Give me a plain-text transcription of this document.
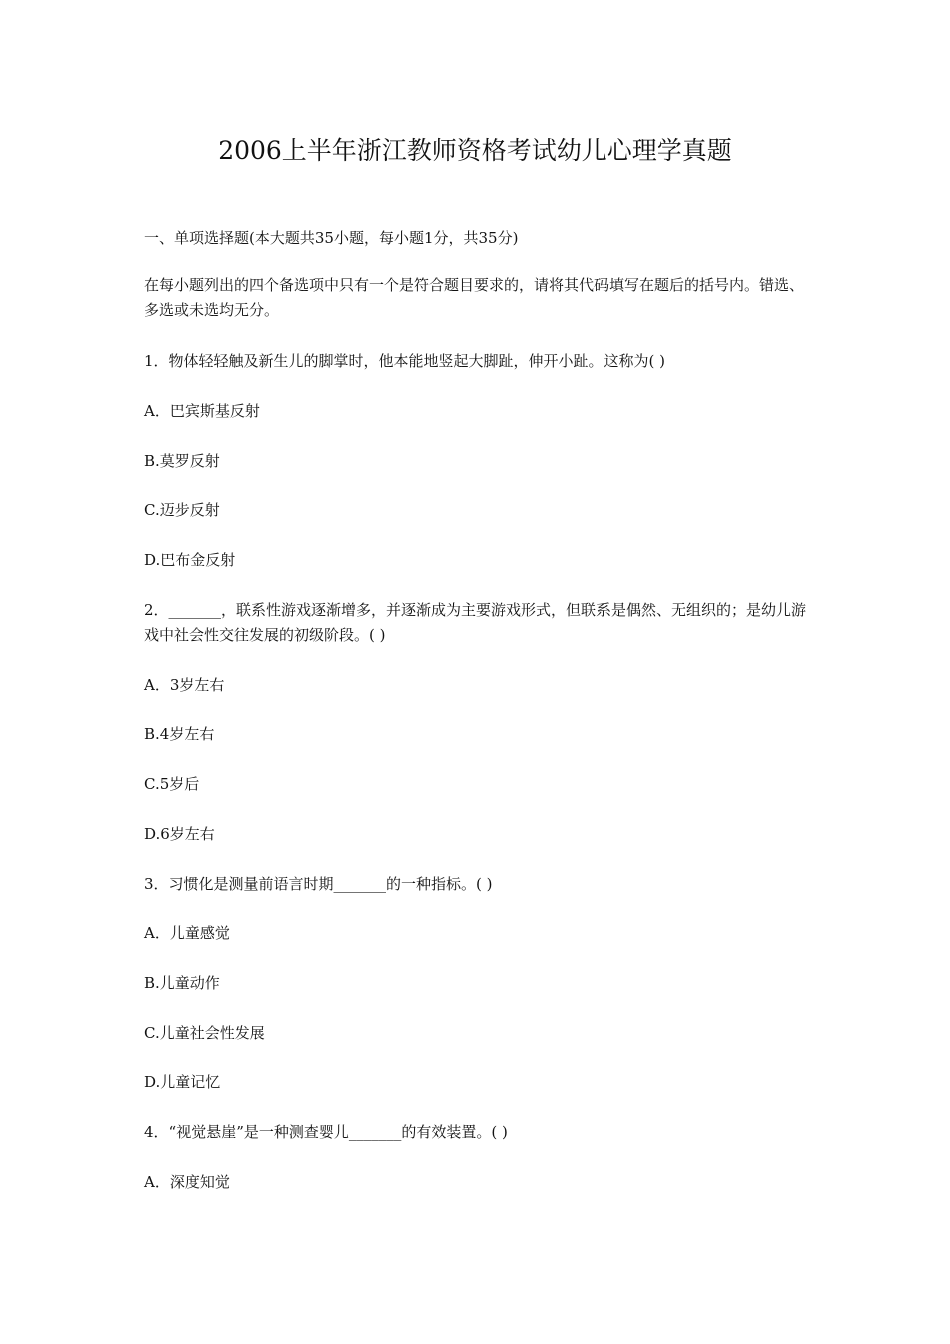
2006上半年浙江教师资格考试幼儿心理学真题
一、单项选择题(本大题共35小题，每小题1分，共35分)
在每小题列出的四个备选项中只有一个是符合题目要求的，请将其代码填写在题后的括号内。错选、多选或未选均无分。
1．物体轻轻触及新生儿的脚掌时，他本能地竖起大脚趾，伸开小趾。这称为( )
A．巴宾斯基反射
B.莫罗反射
C.迈步反射
D.巴布金反射
2．_______，联系性游戏逐渐增多，并逐渐成为主要游戏形式，但联系是偶然、无组织的；是幼儿游戏中社会性交往发展的初级阶段。( )
A．3岁左右
B.4岁左右
C.5岁后
D.6岁左右
3．习惯化是测量前语言时期_______的一种指标。( )
A．儿童感觉
B.儿童动作
C.儿童社会性发展
D.儿童记忆
4．“视觉悬崖”是一种测查婴儿_______的有效装置。( )
A．深度知觉
